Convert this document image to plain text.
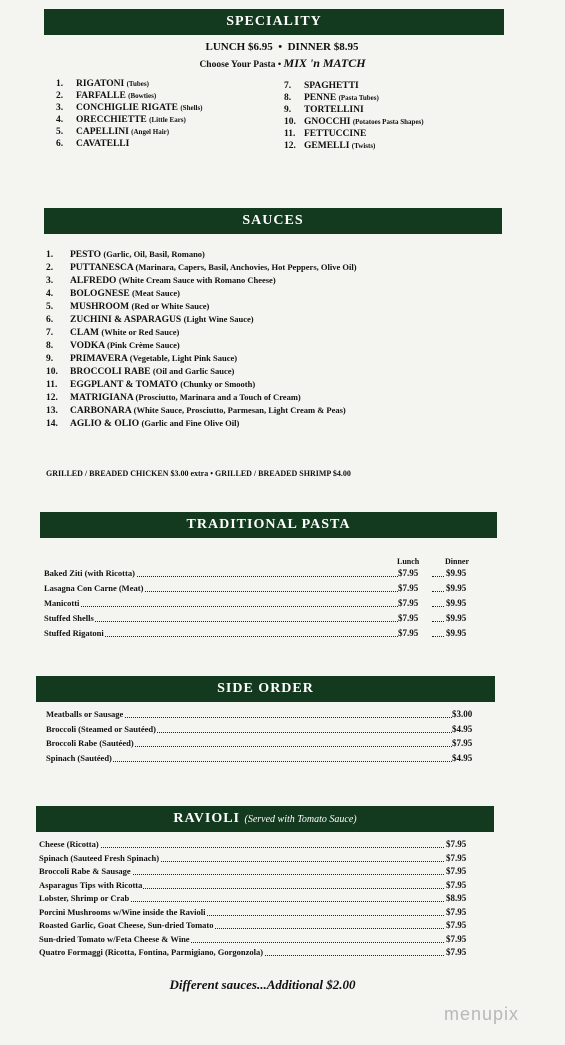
SPECIALITY
LUNCH $6.95 • DINNER $8.95
Choose Your Pasta • MIX 'n MATCH
SAUCES
GRILLED / BREADED CHICKEN $3.00 extra • GRILLED / BREADED SHRIMP $4.00
TRADITIONAL PASTA
Lunch	Dinner
SIDE ORDER
RAVIOLI (Served with Tomato Sauce)
Different sauces...Additional $2.00
menupix
1. RIGATONI (Tubes)
2. FARFALLE (Bowties)
3. CONCHIGLIE RIGATE (Shells)
4. ORECCHIETTE (Little Ears)
5. CAPELLINI (Angel Hair)
6. CAVATELLI
7. SPAGHETTI
8. PENNE (Pasta Tubes)
9. TORTELLINI
10. GNOCCHI (Potatoes Pasta Shapes)
11. FETTUCCINE
12. GEMELLI (Twists)
1. PESTO (Garlic, Oil, Basil, Romano)
2. PUTTANESCA (Marinara, Capers, Basil, Anchovies, Hot Peppers, Olive Oil)
3. ALFREDO (White Cream Sauce with Romano Cheese)
4. BOLOGNESE (Meat Sauce)
5. MUSHROOM (Red or White Sauce)
6. ZUCHINI & ASPARAGUS (Light Wine Sauce)
7. CLAM (White or Red Sauce)
8. VODKA (Pink Crème Sauce)
9. PRIMAVERA (Vegetable, Light Pink Sauce)
10. BROCCOLI RABE (Oil and Garlic Sauce)
11. EGGPLANT & TOMATO (Chunky or Smooth)
12. MATRIGIANA (Prosciutto, Marinara and a Touch of Cream)
13. CARBONARA (White Sauce, Prosciutto, Parmesan, Light Cream & Peas)
14. AGLIO & OLIO (Garlic and Fine Olive Oil)
Baked Ziti (with Ricotta)	$7.95	$9.95
Lasagna Con Carne (Meat)	$7.95	$9.95
Manicotti	$7.95	$9.95
Stuffed Shells	$7.95	$9.95
Stuffed Rigatoni	$7.95	$9.95
Meatballs or Sausage	$3.00
Broccoli (Steamed or Sautéed)	$4.95
Broccoli Rabe (Sautéed)	$7.95
Spinach (Sautéed)	$4.95
Cheese (Ricotta)	$7.95
Spinach (Sauteed Fresh Spinach)	$7.95
Broccoli Rabe & Sausage	$7.95
Asparagus Tips with Ricotta	$7.95
Lobster, Shrimp or Crab	$8.95
Porcini Mushrooms w/Wine inside the Ravioli	$7.95
Roasted Garlic, Goat Cheese, Sun-dried Tomato	$7.95
Sun-dried Tomato w/Feta Cheese & Wine	$7.95
Quatro Formaggi (Ricotta, Fontina, Parmigiano, Gorgonzola)	$7.95
